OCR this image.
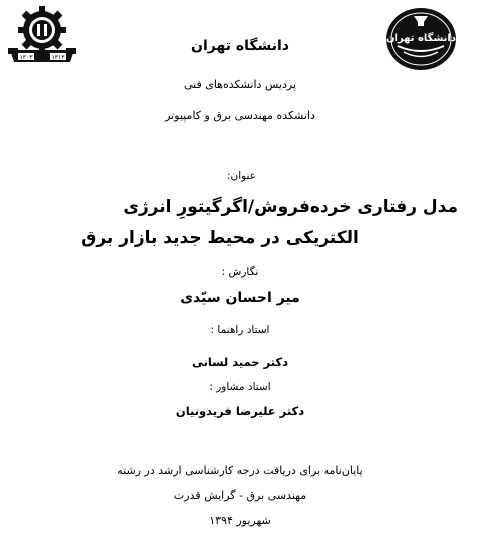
۱۳۰۳	۱۳۱۳
دانشگاه تهران
دانشگاه تهران
پردیس دانشکده‌های فنی
دانشکده مهندسی برق و کامپیوتر
عنوان:
مدل رفتاری خرده‌فروش/اگرگیتورِ انرژی
الکتریکی در محیط جدید بازار برق
نگارش :
میر احسان سیّدی
استاد راهنما :
دکتر حمید لسانی
استاد مشاور :
دکتر علیرضا فریدونیان
پایان‌نامه برای دریافت درجه کارشناسی ارشد در رشته
مهندسی برق - گرایش قدرت
شهریور ۱۳۹۴
